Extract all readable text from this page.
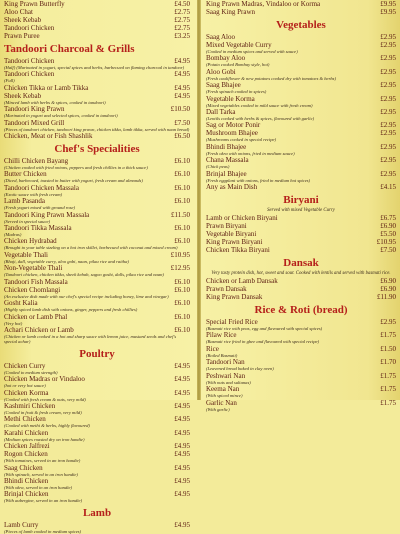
King Prawn Butterfly	£4.50
Aloo Chat	£2.75
Sheek Kebab	£2.75
Tandoori Chicken	£2.75
Prawn Puree	£3.25
Tandoori Charcoal & Grills
Tandoori Chicken	£4.95
(Half) (Marinated in yogurt, special spices and herbs, barbecued on flaming charcoal in tandoor)
Tandoori Chicken	£4.95
(Full)
Chicken Tikka or Lamb Tikka	£4.95
Sheek Kebab	£4.95
(Minced lamb with herbs & spices, cooked in tandoori)
Tandoori King Prawn	£10.50
(Marinated in yogurt and selected spices, cooked in tandoori)
Tandoori Mixed Grill	£7.50
(Pieces of tandoori chicken, tandoori king prawn, chicken tikka, lamb tikka, served with naan bread)
Chicken, Meat or Fish Shashlik	£6.50
Chef's Specialities
Chilli Chicken Bayang	£6.10
(Chicken cooked with fried onions, peppers and fresh chillies in a thick sauce)
Butter Chicken	£6.10
(Diced, barbecued, toasted in butter with yogurt, fresh cream and almonds)
Tandoori Chicken Massala	£6.10
(Exotic sauce with fresh cream)
Lamb Pasanda	£6.10
(Fresh yogurt mixed with ground rose)
Tandoori King Prawn Massala	£11.50
(Served in special sauce)
Tandoori Tikka Massala	£6.10
(Madras)
Chicken Hydrabad	£6.10
(Brought to your table sizzling on a hot iron skillet, barbecued with coconut and mixed cream)
Vegetable Thali	£10.95
(Bhaji, dall, vegetable curry, aloo gobi, naan, pilau rice and raitha)
Non-Vegetable Thali	£12.95
(Tandoori chicken, chicken tikka, sheek kebab, sagoo gosht, dalls, pilau rice and naan)
Tandoori Fish Massala	£6.10
Chicken Chomlangi	£6.10
(An exclusive dish made with our chef's special recipe including honey, lime and vinegar)
Gosht Kalia	£6.10
(Highly spiced lamb dish with onions, ginger, peppers and fresh chillies)
Chicken or Lamb Phal	£6.10
(Very hot)
Achari Chicken or Lamb	£6.10
(Chicken or lamb cooked in a hot and sharp sauce with lemon juice, mustard seeds and chef's special achar)
Poultry
Chicken Curry	£4.95
(Cooked to medium strength)
Chicken Madras or Vindaloo	£4.95
(hot or very hot sauce)
Chicken Korma	£4.95
(Cooked with fresh cream & nuts, very mild)
Kashmiri Chicken	£4.95
(Cooked in fruit & fresh cream, very mild)
Methi Chicken	£4.95
(Cooked with methi & herbs, highly flavoured)
Karahi Chicken	£4.95
(Medium spices roasted dry on iron handie)
Chicken Jalfrezi	£4.95
Rogon Chicken	£4.95
(With tomatoes, served in an iron handie)
Saag Chicken	£4.95
(With spinach, served in an iron handie)
Bhindi Chicken	£4.95
(With okra, served in an iron handie)
Brinjal Chicken	£4.95
(With aubergine, served in an iron handie)
Lamb
Lamb Curry	£4.95
(Pieces of lamb cooked in medium spices)
King Prawn Madras, Vindaloo or Korma	£9.95
Saag King Prawn	£9.95
Vegetables
Saag Aloo	£2.95
Mixed Vegetable Curry	£2.95
(Cooked in medium spices and served with sauce)
Bombay Aloo	£2.95
(Potato cooked Bombay style, hot)
Aloo Gobi	£2.95
(Fresh cauliflower & new potatoes cooked dry with tomatoes & herbs)
Saag Bhajee	£2.95
(Fresh spinach cooked in spices)
Vegetable Korma	£2.95
(Mixed vegetables cooked in mild sauce with fresh cream)
Dall Tarka	£2.95
(Lentils cooked with herbs & spices, flavoured with garlic)
Sag or Motor Ponir	£2.95
Mushroom Bhajee	£2.95
(Mushrooms cooked in special recipe)
Bhindi Bhajee	£2.95
(Fresh okra with onions, fried in medium sauce)
Chana Massala	£2.95
(Chick peas)
Brinjal Bhajee	£2.95
(Fresh eggplant with onions, fried in medium hot spices)
Any as Main Dish	£4.15
Biryani
Served with mixed Vegetable Curry
Lamb or Chicken Biryani	£6.75
Prawn Biryani	£6.90
Vegetable Biryani	£5.50
King Prawn Biryani	£10.95
Chicken Tikka Biryani	£7.50
Dansak
Very tasty protein dish, hot, sweet and sour. Cooked with lentils and served with basmati rice.
Chicken or Lamb Dansak	£6.90
Prawn Dansak	£6.90
King Prawn Dansak	£11.90
Rice & Roti (bread)
Special Fried Rice	£2.95
(Basmati rice with peas, egg and flavoured with special spices)
Pilaw Rice	£1.75
(Basmati rice fried in ghee and flavoured with special recipe)
Rice	£1.50
(Boiled Basmati)
Tandoori Nan	£1.70
(Leavened bread baked in clay oven)
Peshwari Nan	£1.75
(With nuts and sultanas)
Keema Nan	£1.75
(With spiced mince)
Garlic Nan	£1.75
(With garlic)
